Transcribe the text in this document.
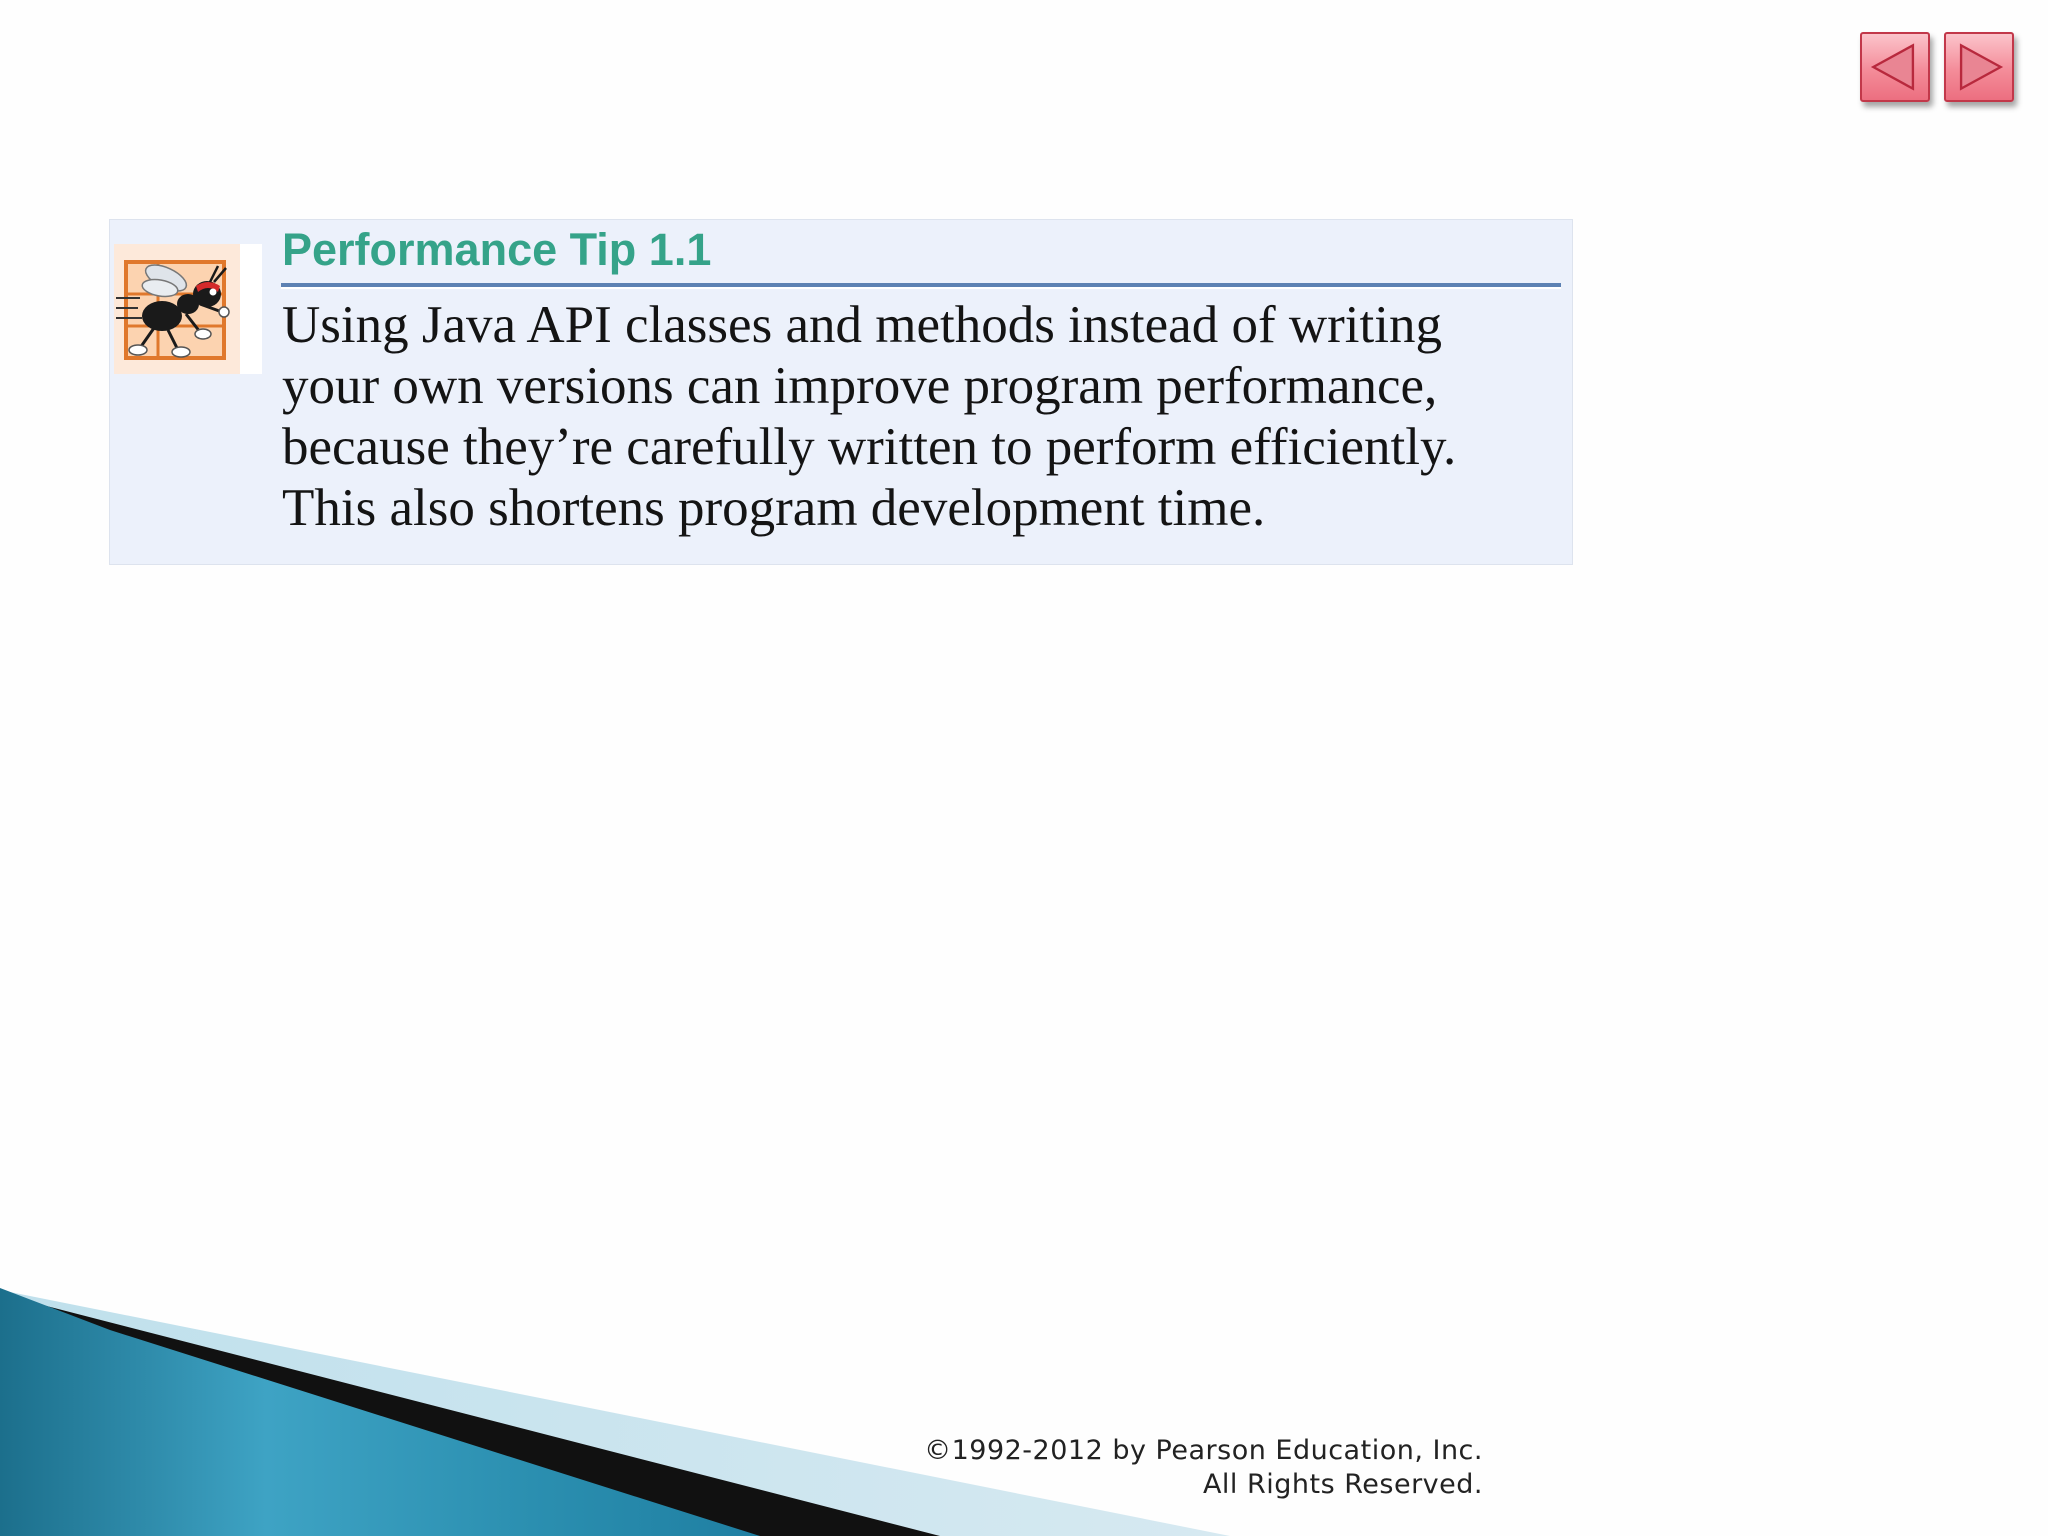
Performance Tip 1.1
Using Java API classes and methods instead of writing
your own versions can improve program performance,
because they’re carefully written to perform efficiently.
This also shortens program development time.
©1992-2012 by Pearson Education, Inc.
All Rights Reserved.
